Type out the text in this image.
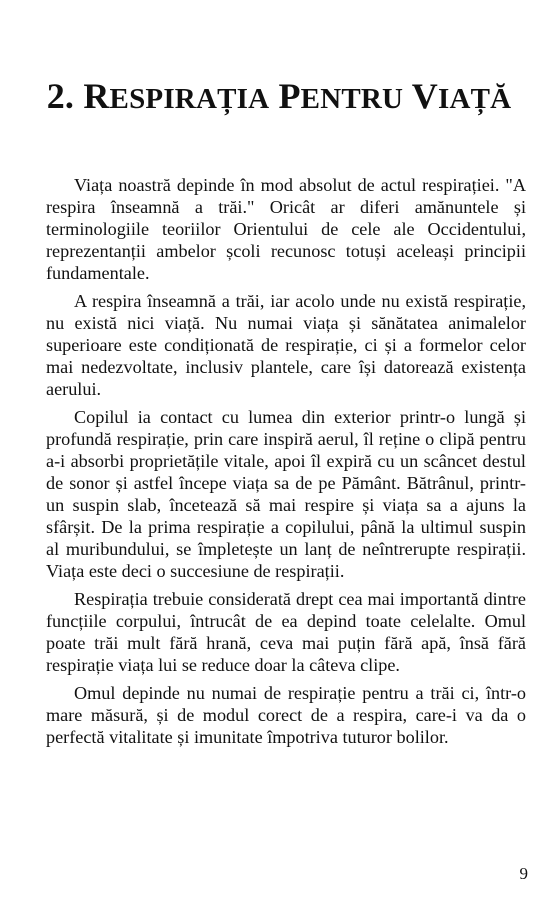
2. RESPIRAȚIA PENTRU VIAȚĂ

Viața noastră depinde în mod absolut de actul respirației. "A respira înseamnă a trăi." Oricât ar diferi amănuntele și terminologiile teoriilor Orientului de cele ale Occidentului, reprezentanții ambelor școli recunosc totuși aceleași principii fundamentale.

A respira înseamnă a trăi, iar acolo unde nu există respirație, nu există nici viață. Nu numai viața și sănătatea animalelor superioare este condiționată de respirație, ci și a formelor celor mai nedezvoltate, inclusiv plantele, care își datorează existența aerului.

Copilul ia contact cu lumea din exterior printr-o lungă și profundă respirație, prin care inspiră aerul, îl reține o clipă pentru a-i absorbi proprietățile vitale, apoi îl expiră cu un scâncet destul de sonor și astfel începe viața sa de pe Pământ. Bătrânul, printr-un suspin slab, încetează să mai respire și viața sa a ajuns la sfârșit. De la prima respirație a copilului, până la ultimul suspin al muribundului, se împletește un lanț de neîntrerupte respirații. Viața este deci o succesiune de respirații.

Respirația trebuie considerată drept cea mai importantă dintre funcțiile corpului, întrucât de ea depind toate celelalte. Omul poate trăi mult fără hrană, ceva mai puțin fără apă, însă fără respirație viața lui se reduce doar la câteva clipe.

Omul depinde nu numai de respirație pentru a trăi ci, într-o mare măsură, și de modul corect de a respira, care-i va da o perfectă vitalitate și imunitate împotriva tuturor bolilor.

9
